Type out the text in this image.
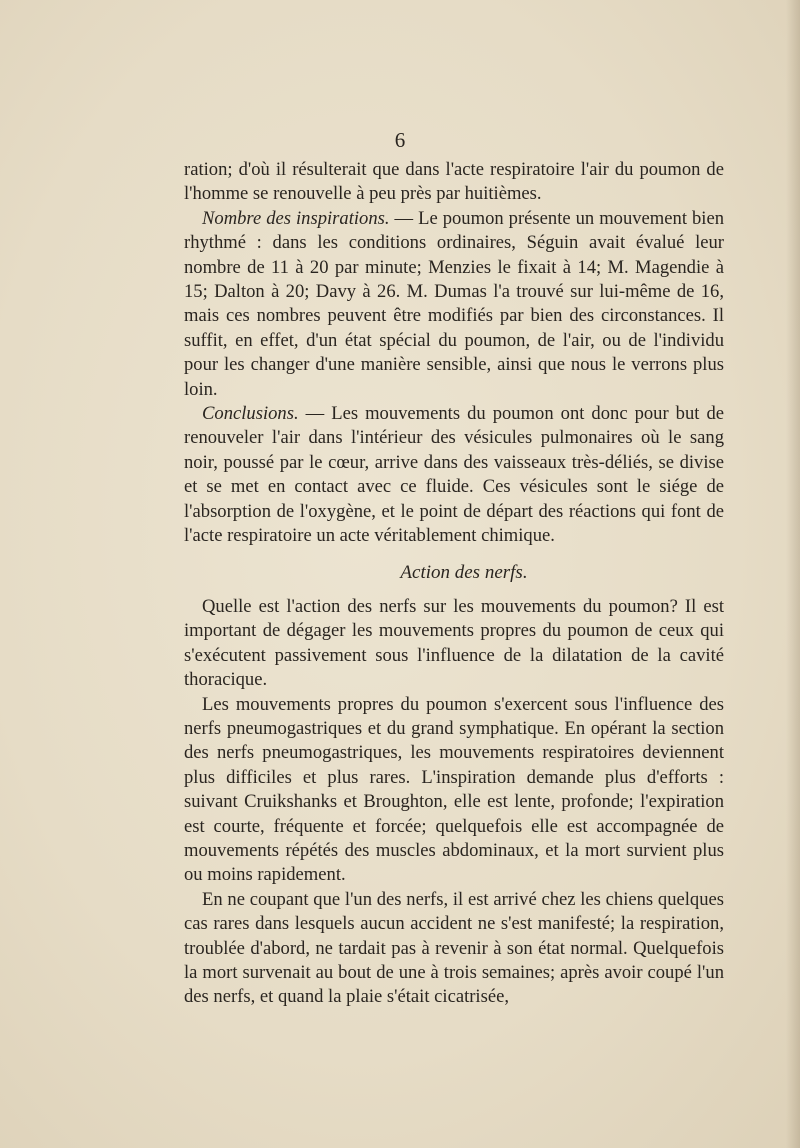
6

ration; d'où il résulterait que dans l'acte respiratoire l'air du poumon de l'homme se renouvelle à peu près par huitièmes.

Nombre des inspirations. — Le poumon présente un mouvement bien rhythmé : dans les conditions ordinaires, Séguin avait évalué leur nombre de 11 à 20 par minute; Menzies le fixait à 14; M. Magendie à 15; Dalton à 20; Davy à 26. M. Dumas l'a trouvé sur lui-même de 16, mais ces nombres peuvent être modifiés par bien des circonstances. Il suffit, en effet, d'un état spécial du poumon, de l'air, ou de l'individu pour les changer d'une manière sensible, ainsi que nous le verrons plus loin.

Conclusions. — Les mouvements du poumon ont donc pour but de renouveler l'air dans l'intérieur des vésicules pulmonaires où le sang noir, poussé par le cœur, arrive dans des vaisseaux très-déliés, se divise et se met en contact avec ce fluide. Ces vésicules sont le siége de l'absorption de l'oxygène, et le point de départ des réactions qui font de l'acte respiratoire un acte véritablement chimique.

Action des nerfs.

Quelle est l'action des nerfs sur les mouvements du poumon? Il est important de dégager les mouvements propres du poumon de ceux qui s'exécutent passivement sous l'influence de la dilatation de la cavité thoracique.

Les mouvements propres du poumon s'exercent sous l'influence des nerfs pneumogastriques et du grand symphatique. En opérant la section des nerfs pneumogastriques, les mouvements respiratoires deviennent plus difficiles et plus rares. L'inspiration demande plus d'efforts : suivant Cruikshanks et Broughton, elle est lente, profonde; l'expiration est courte, fréquente et forcée; quelquefois elle est accompagnée de mouvements répétés des muscles abdominaux, et la mort survient plus ou moins rapidement.

En ne coupant que l'un des nerfs, il est arrivé chez les chiens quelques cas rares dans lesquels aucun accident ne s'est manifesté; la respiration, troublée d'abord, ne tardait pas à revenir à son état normal. Quelquefois la mort survenait au bout de une à trois semaines; après avoir coupé l'un des nerfs, et quand la plaie s'était cicatrisée,
